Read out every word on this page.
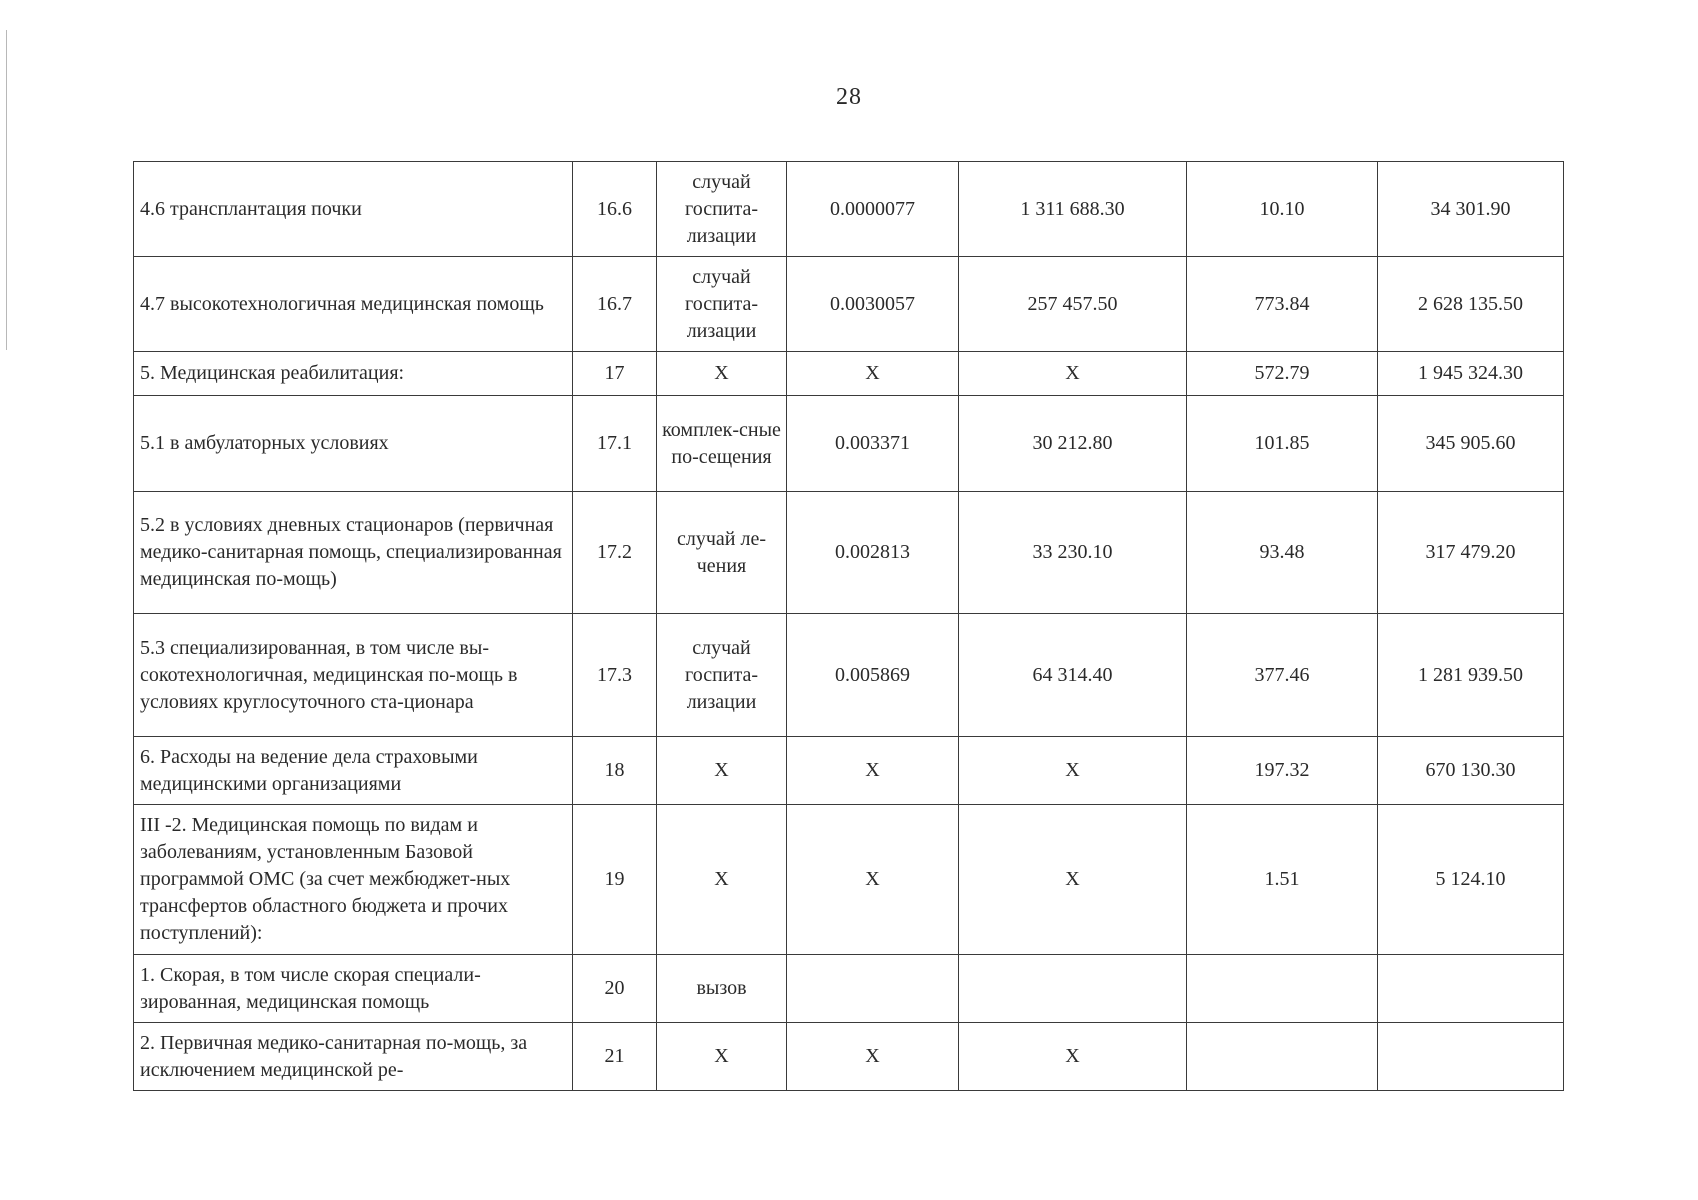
28
4.6 трансплантация почки	16.6	случай госпита-лизации	0.0000077	1 311 688.30	10.10	34 301.90
4.7 высокотехнологичная медицинская помощь	16.7	случай госпита-лизации	0.0030057	257 457.50	773.84	2 628 135.50
5. Медицинская реабилитация:	17	X	X	X	572.79	1 945 324.30
5.1 в амбулаторных условиях	17.1	комплек-сные по-сещения	0.003371	30 212.80	101.85	345 905.60
5.2 в условиях дневных стационаров (первичная медико-санитарная помощь, специализированная медицинская по-мощь)	17.2	случай ле-чения	0.002813	33 230.10	93.48	317 479.20
5.3 специализированная, в том числе вы-сокотехнологичная, медицинская по-мощь в условиях круглосуточного ста-ционара	17.3	случай госпита-лизации	0.005869	64 314.40	377.46	1 281 939.50
6. Расходы на ведение дела страховыми медицинскими организациями	18	X	X	X	197.32	670 130.30
III -2. Медицинская помощь по видам и заболеваниям, установленным Базовой программой ОМС (за счет межбюджет-ных трансфертов областного бюджета и прочих поступлений):	19	X	X	X	1.51	5 124.10
1. Скорая, в том числе скорая специали-зированная, медицинская помощь	20	вызов				
2. Первичная медико-санитарная по-мощь, за исключением медицинской ре-	21	X	X	X		
